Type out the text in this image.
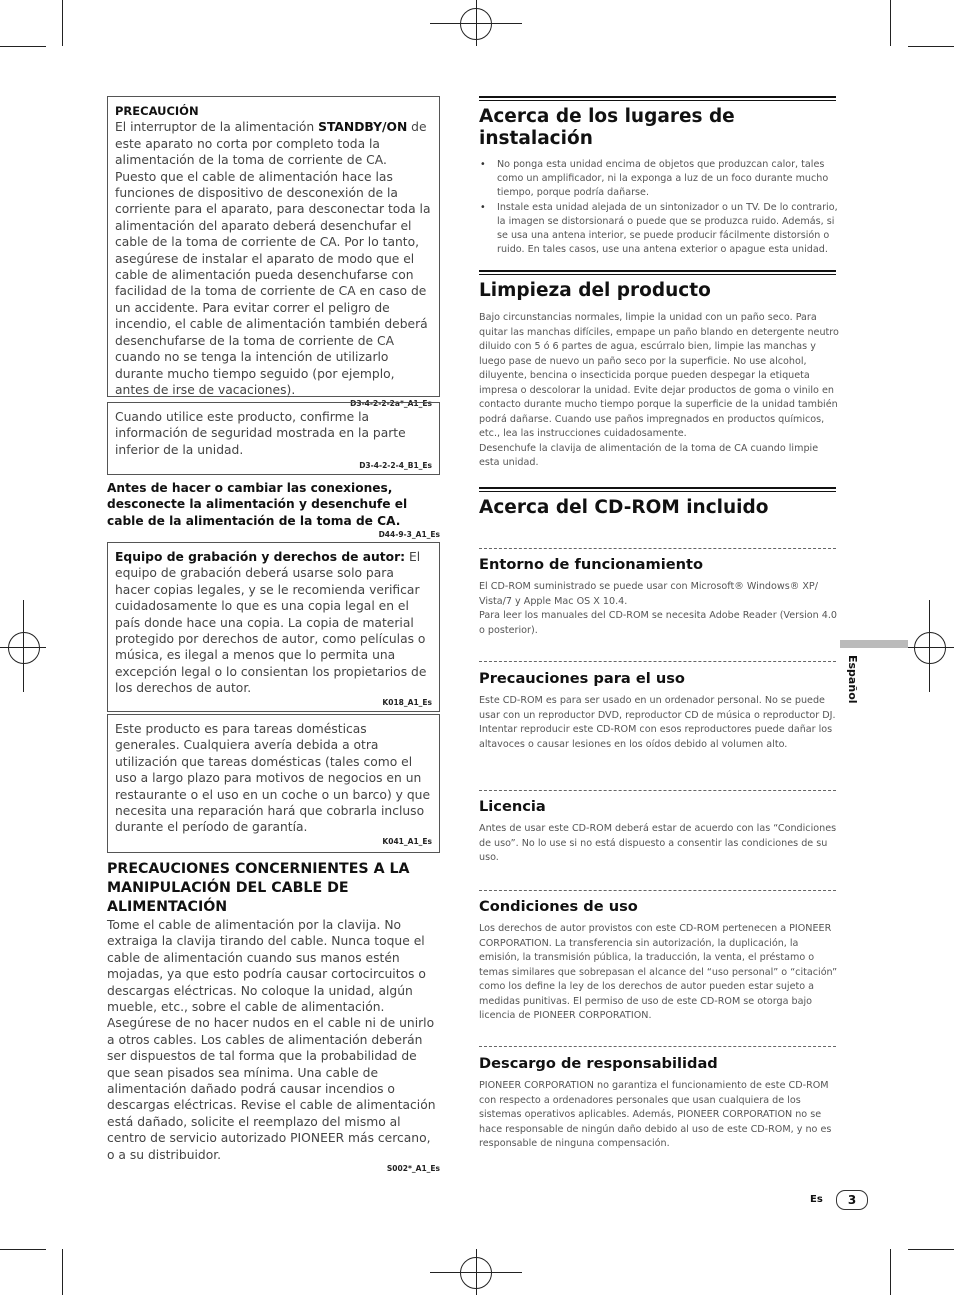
PRECAUCIÓN
El interruptor de la alimentación STANDBY/ON de este aparato no corta por completo toda la alimentación de la toma de corriente de CA. Puesto que el cable de alimentación hace las funciones de dispositivo de desconexión de la corriente para el aparato, para desconectar toda la alimentación del aparato deberá desenchufar el cable de la toma de corriente de CA. Por lo tanto, asegúrese de instalar el aparato de modo que el cable de alimentación pueda desenchufarse con facilidad de la toma de corriente de CA en caso de un accidente. Para evitar correr el peligro de incendio, el cable de alimentación también deberá desenchufarse de la toma de corriente de CA cuando no se tenga la intención de utilizarlo durante mucho tiempo seguido (por ejemplo, antes de irse de vacaciones).
D3-4-2-2-2a*_A1_Es
Cuando utilice este producto, confirme la información de seguridad mostrada en la parte inferior de la unidad.
D3-4-2-2-4_B1_Es
Antes de hacer o cambiar las conexiones, desconecte la alimentación y desenchufe el cable de la alimentación de la toma de CA.
D44-9-3_A1_Es
Equipo de grabación y derechos de autor: El equipo de grabación deberá usarse solo para hacer copias legales, y se le recomienda verificar cuidadosamente lo que es una copia legal en el país donde hace una copia. La copia de material protegido por derechos de autor, como películas o música, es ilegal a menos que lo permita una excepción legal o lo consientan los propietarios de los derechos de autor.
K018_A1_Es
Este producto es para tareas domésticas generales. Cualquiera avería debida a otra utilización que tareas domésticas (tales como el uso a largo plazo para motivos de negocios en un restaurante o el uso en un coche o un barco) y que necesita una reparación hará que cobrarla incluso durante el período de garantía.
K041_A1_Es
PRECAUCIONES CONCERNIENTES A LA MANIPULACIÓN DEL CABLE DE ALIMENTACIÓN
Tome el cable de alimentación por la clavija. No extraiga la clavija tirando del cable. Nunca toque el cable de alimentación cuando sus manos estén mojadas, ya que esto podría causar cortocircuitos o descargas eléctricas. No coloque la unidad, algún mueble, etc., sobre el cable de alimentación. Asegúrese de no hacer nudos en el cable ni de unirlo a otros cables. Los cables de alimentación deberán ser dispuestos de tal forma que la probabilidad de que sean pisados sea mínima. Una cable de alimentación dañado podrá causar incendios o descargas eléctricas. Revise el cable de alimentación está dañado, solicite el reemplazo del mismo al centro de servicio autorizado PIONEER más cercano, o a su distribuidor.
S002*_A1_Es
Acerca de los lugares de instalación
• No ponga esta unidad encima de objetos que produzcan calor, tales como un amplificador, ni la exponga a luz de un foco durante mucho tiempo, porque podría dañarse.
• Instale esta unidad alejada de un sintonizador o un TV. De lo contrario, la imagen se distorsionará o puede que se produzca ruido. Además, si se usa una antena interior, se puede producir fácilmente distorsión o ruido. En tales casos, use una antena exterior o apague esta unidad.
Limpieza del producto
Bajo circunstancias normales, limpie la unidad con un paño seco. Para quitar las manchas difíciles, empape un paño blando en detergente neutro diluido con 5 ó 6 partes de agua, escúrralo bien, limpie las manchas y luego pase de nuevo un paño seco por la superficie. No use alcohol, diluyente, bencina o insecticida porque pueden despegar la etiqueta impresa o descolorar la unidad. Evite dejar productos de goma o vinilo en contacto durante mucho tiempo porque la superficie de la unidad también podrá dañarse. Cuando use paños impregnados en productos químicos, etc., lea las instrucciones cuidadosamente.
Desenchufe la clavija de alimentación de la toma de CA cuando limpie esta unidad.
Acerca del CD-ROM incluido
Entorno de funcionamiento
El CD-ROM suministrado se puede usar con Microsoft® Windows® XP/ Vista/7 y Apple Mac OS X 10.4.
Para leer los manuales del CD-ROM se necesita Adobe Reader (Version 4.0 o posterior).
Precauciones para el uso
Este CD-ROM es para ser usado en un ordenador personal. No se puede usar con un reproductor DVD, reproductor CD de música o reproductor DJ. Intentar reproducir este CD-ROM con esos reproductores puede dañar los altavoces o causar lesiones en los oídos debido al volumen alto.
Licencia
Antes de usar este CD-ROM deberá estar de acuerdo con las “Condiciones de uso”. No lo use si no está dispuesto a consentir las condiciones de su uso.
Condiciones de uso
Los derechos de autor provistos con este CD-ROM pertenecen a PIONEER CORPORATION. La transferencia sin autorización, la duplicación, la emisión, la transmisión pública, la traducción, la venta, el préstamo o temas similares que sobrepasan el alcance del “uso personal” o “citación” como los define la ley de los derechos de autor pueden estar sujeto a medidas punitivas. El permiso de uso de este CD-ROM se otorga bajo licencia de PIONEER CORPORATION.
Descargo de responsabilidad
PIONEER CORPORATION no garantiza el funcionamiento de este CD-ROM con respecto a ordenadores personales que usan cualquiera de los sistemas operativos aplicables. Además, PIONEER CORPORATION no se hace responsable de ningún daño debido al uso de este CD-ROM, y no es responsable de ninguna compensación.
Español
Es	3
